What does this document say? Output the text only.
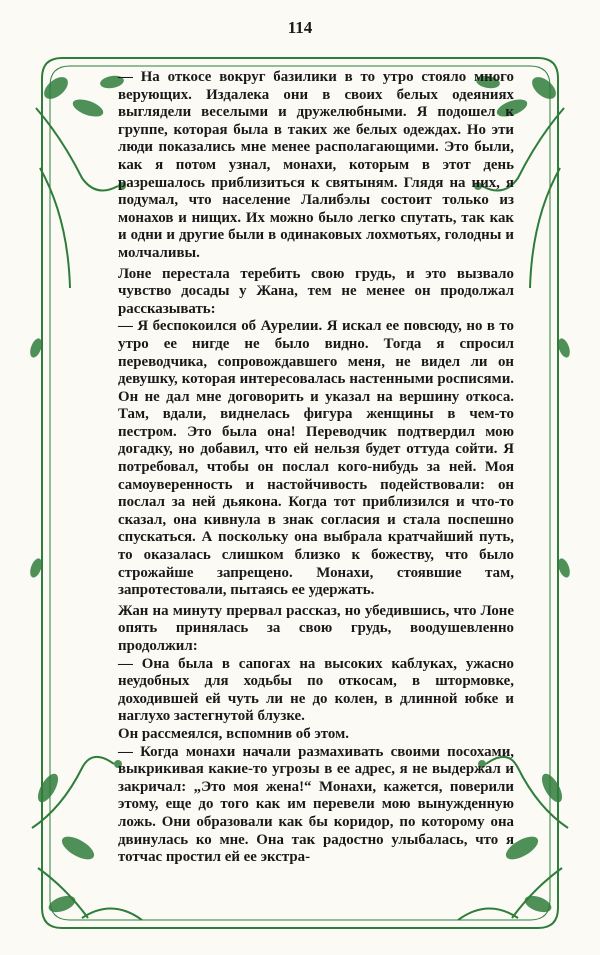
114

— На откосе вокруг базилики в то утро стояло много верующих. Издалека они в своих белых одеяниях выглядели веселыми и дружелюбными. Я подошел к группе, которая была в таких же белых одеждах. Но эти люди показались мне менее располагающими. Это были, как я потом узнал, монахи, которым в этот день разрешалось приблизиться к святыням. Глядя на них, я подумал, что население Лалибэлы состоит только из монахов и нищих. Их можно было легко спутать, так как и одни и другие были в одинаковых лохмотьях, голодны и молчаливы.

Лоне перестала теребить свою грудь, и это вызвало чувство досады у Жана, тем не менее он продолжал рассказывать:

— Я беспокоился об Аурелии. Я искал ее повсюду, но в то утро ее нигде не было видно. Тогда я спросил переводчика, сопровождавшего меня, не видел ли он девушку, которая интересовалась настенными росписями. Он не дал мне договорить и указал на вершину откоса. Там, вдали, виднелась фигура женщины в чем-то пестром. Это была она! Переводчик подтвердил мою догадку, но добавил, что ей нельзя будет оттуда сойти. Я потребовал, чтобы он послал кого-нибудь за ней. Моя самоуверенность и настойчивость подействовали: он послал за ней дьякона. Когда тот приблизился и что-то сказал, она кивнула в знак согласия и стала поспешно спускаться. А поскольку она выбрала кратчайший путь, то оказалась слишком близко к божеству, что было строжайше запрещено. Монахи, стоявшие там, запротестовали, пытаясь ее удержать.

Жан на минуту прервал рассказ, но убедившись, что Лоне опять принялась за свою грудь, воодушевленно продолжил:

— Она была в сапогах на высоких каблуках, ужасно неудобных для ходьбы по откосам, в штормовке, доходившей ей чуть ли не до колен, в длинной юбке и наглухо застегнутой блузке.

Он рассмеялся, вспомнив об этом.

— Когда монахи начали размахивать своими посохами, выкрикивая какие-то угрозы в ее адрес, я не выдержал и закричал: „Это моя жена!“ Монахи, кажется, поверили этому, еще до того как им перевели мою вынужденную ложь. Они образовали как бы коридор, по которому она двинулась ко мне. Она так радостно улыбалась, что я тотчас простил ей ее экстра-
